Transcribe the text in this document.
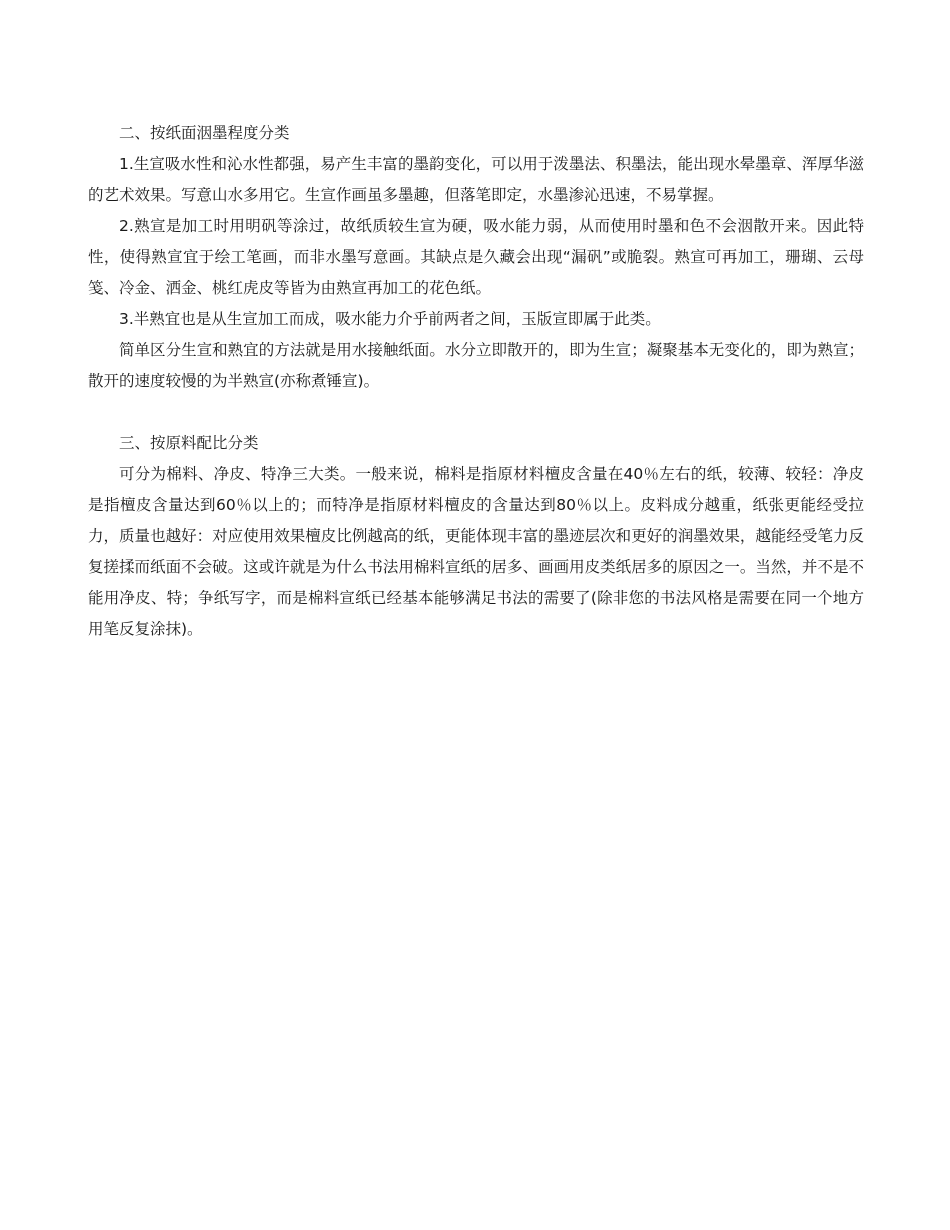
二、按纸面洇墨程度分类

1.生宣吸水性和沁水性都强，易产生丰富的墨韵变化，可以用于泼墨法、积墨法，能出现水晕墨章、浑厚华滋的艺术效果。写意山水多用它。生宣作画虽多墨趣，但落笔即定，水墨渗沁迅速，不易掌握。

2.熟宣是加工时用明矾等涂过，故纸质较生宣为硬，吸水能力弱，从而使用时墨和色不会洇散开来。因此特性，使得熟宣宜于绘工笔画，而非水墨写意画。其缺点是久藏会出现“漏矾”或脆裂。熟宣可再加工，珊瑚、云母笺、冷金、洒金、桃红虎皮等皆为由熟宣再加工的花色纸。

3.半熟宜也是从生宣加工而成，吸水能力介乎前两者之间，玉版宣即属于此类。

简单区分生宣和熟宜的方法就是用水接触纸面。水分立即散开的，即为生宣；凝聚基本无变化的，即为熟宣；散开的速度较慢的为半熟宣(亦称煮锤宣)。

三、按原料配比分类

可分为棉料、净皮、特净三大类。一般来说，棉料是指原材料檀皮含量在40％左右的纸，较薄、较轻：净皮是指檀皮含量达到60％以上的；而特净是指原材料檀皮的含量达到80％以上。皮料成分越重，纸张更能经受拉力，质量也越好：对应使用效果檀皮比例越高的纸，更能体现丰富的墨迹层次和更好的润墨效果，越能经受笔力反复搓揉而纸面不会破。这或许就是为什么书法用棉料宣纸的居多、画画用皮类纸居多的原因之一。当然，并不是不能用净皮、特；争纸写字，而是棉料宣纸已经基本能够满足书法的需要了(除非您的书法风格是需要在同一个地方用笔反复涂抹)。
